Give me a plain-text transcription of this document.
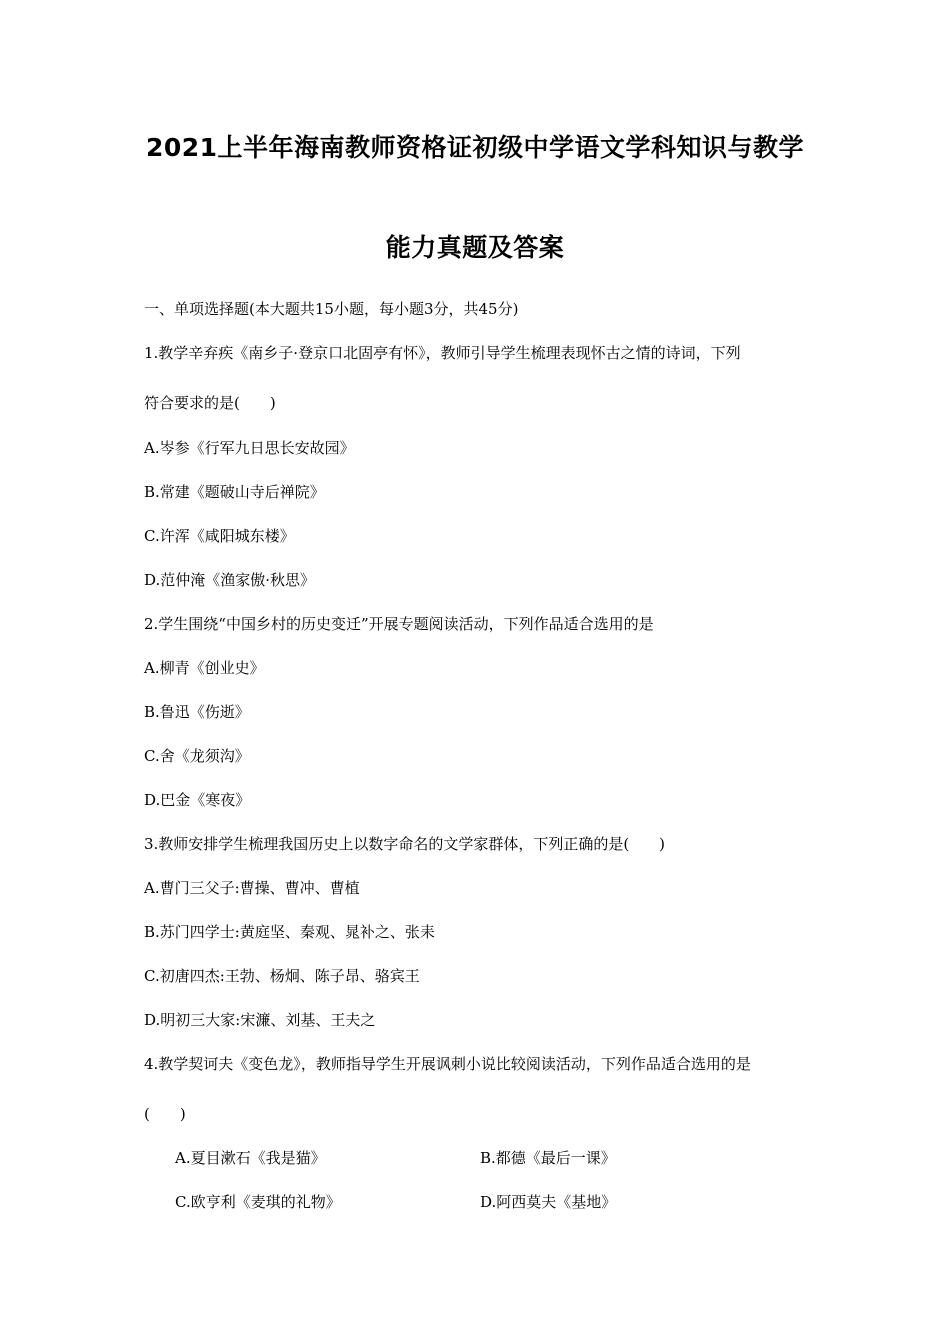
2021上半年海南教师资格证初级中学语文学科知识与教学
能力真题及答案
一、单项选择题(本大题共15小题，每小题3分，共45分)
1.教学辛弃疾《南乡子·登京口北固亭有怀》，教师引导学生梳理表现怀古之情的诗词，下列
符合要求的是(　　)
A.岑参《行军九日思长安故园》
B.常建《题破山寺后禅院》
C.许浑《咸阳城东楼》
D.范仲淹《渔家傲·秋思》
2.学生围绕“中国乡村的历史变迁”开展专题阅读活动，下列作品适合选用的是
A.柳青《创业史》
B.鲁迅《伤逝》
C.舍《龙须沟》
D.巴金《寒夜》
3.教师安排学生梳理我国历史上以数字命名的文学家群体，下列正确的是(　　)
A.曹门三父子:曹操、曹冲、曹植
B.苏门四学士:黄庭坚、秦观、晁补之、张耒
C.初唐四杰:王勃、杨炯、陈子昂、骆宾王
D.明初三大家:宋濂、刘基、王夫之
4.教学契诃夫《变色龙》，教师指导学生开展讽刺小说比较阅读活动，下列作品适合选用的是
(　　)
A.夏目漱石《我是猫》	B.都德《最后一课》
C.欧亨利《麦琪的礼物》	D.阿西莫夫《基地》
